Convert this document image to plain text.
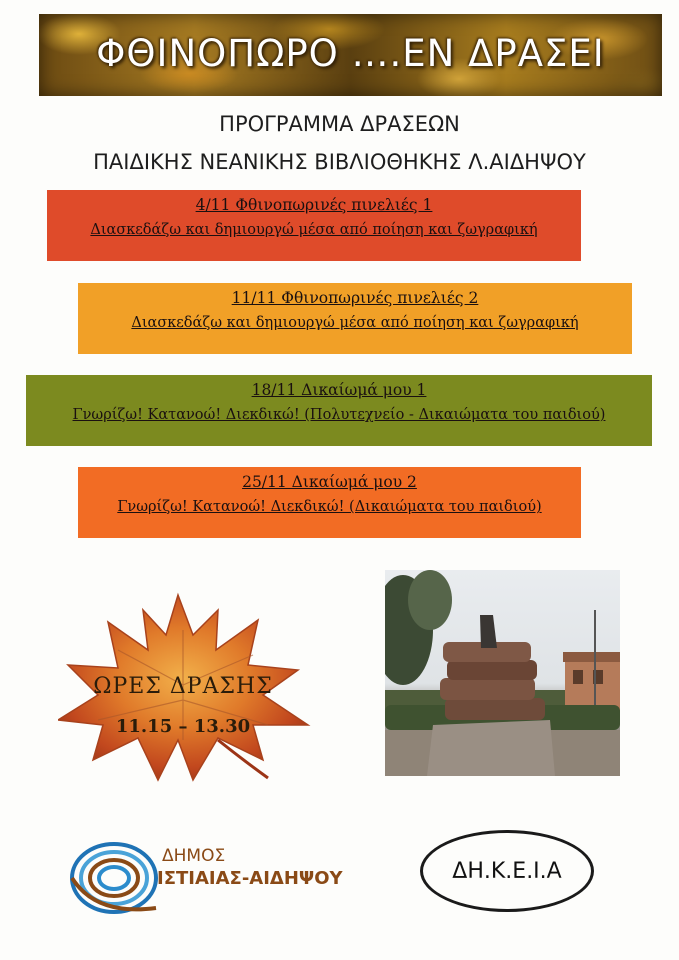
ΦΘΙΝΟΠΩΡΟ ….ΕΝ ΔΡΑΣΕΙ
ΠΡΟΓΡΑΜΜΑ ΔΡΑΣΕΩΝ
ΠΑΙΔΙΚΗΣ ΝΕΑΝΙΚΗΣ ΒΙΒΛΙΟΘΗΚΗΣ Λ.ΑΙΔΗΨΟΥ
4/11 Φθινοπωρινές πινελιές 1
Διασκεδάζω και δημιουργώ μέσα από ποίηση και ζωγραφική
11/11 Φθινοπωρινές πινελιές 2
Διασκεδάζω και δημιουργώ μέσα από ποίηση και ζωγραφική
18/11 Δικαίωμά μου 1
Γνωρίζω! Κατανοώ! Διεκδικώ! (Πολυτεχνείο - Δικαιώματα του παιδιού)
25/11 Δικαίωμά μου 2
Γνωρίζω! Κατανοώ! Διεκδικώ! (Δικαιώματα του παιδιού)
ΩΡΕΣ ΔΡΑΣΗΣ
11.15 – 13.30
ΔΗΜΟΣ
ΙΣΤΙΑΙΑΣ-ΑΙΔΗΨΟΥ	ΔΗ.Κ.Ε.Ι.Α
